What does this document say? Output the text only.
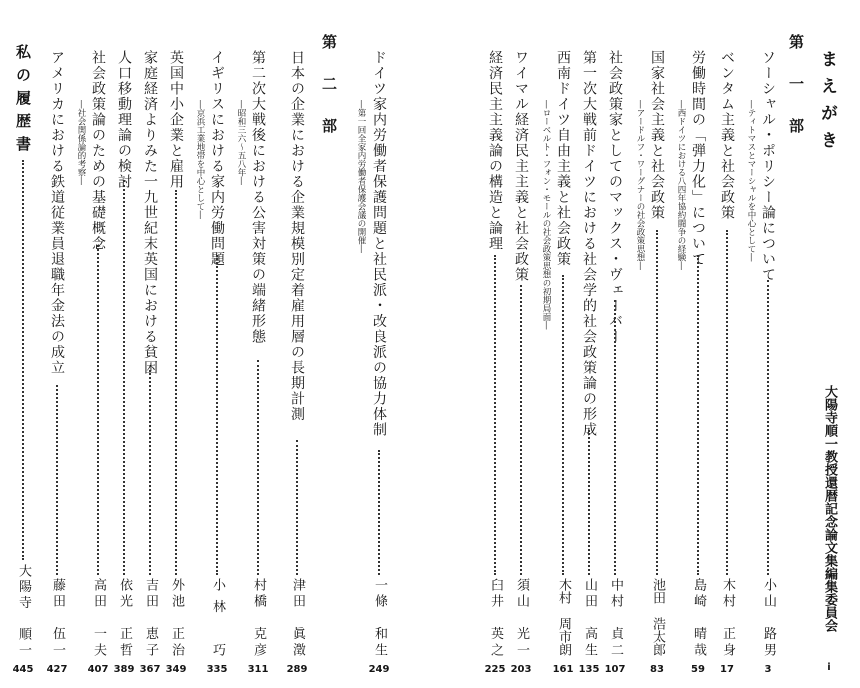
まえがき
大陽寺順一教授還暦記念論文集編集委員会
i
第　一　部
ソーシャル・ポリシー論について
小山　路男
3
―ティトマスとマーシャルを中心として―
ベンタム主義と社会政策
木村　正身
17
労働時間の「弾力化」について
島崎　晴哉
59
―西ドイツにおける八四年協約闘争の経験―
国家社会主義と社会政策
池田　浩太郎
83
―アードルフ・ワーグナーの社会政策思想―
社会政策家としてのマックス・ヴェーバー
中村　貞二
107
第一次大戦前ドイツにおける社会学的社会政策論の形成
山田　高生
135
西南ドイツ自由主義と社会政策
木村　周市朗
161
―ローベルト・フォン・モールの社会政策思想の初期局面―
ワイマル経済民主主義と社会政策
須山　光一
203
経済民主主義論の構造と論理
臼井　英之
225
ドイツ家内労働者保護問題と社民派・改良派の協力体制
一條　和生
249
―第一回全家内労働者保護会議の開催―
第　二　部
日本の企業における企業規模別定着雇用層の長期計測
津田　眞澂
289
第二次大戦後における公害対策の端緒形態
村橋　克彦
311
―昭和三六～五八年―
イギリスにおける家内労働問題
小林　巧
335
―京浜工業地帯を中心として―
英国中小企業と雇用
外池　正治
349
家庭経済よりみた一九世紀末英国における貧困
吉田　恵子
367
人口移動理論の検討
依光　正哲
389
社会政策論のための基礎概念
高田　一夫
407
―社会関係論的考察―
アメリカにおける鉄道従業員退職年金法の成立
藤田　伍一
427
私の履歴書
大陽寺　順一
445
